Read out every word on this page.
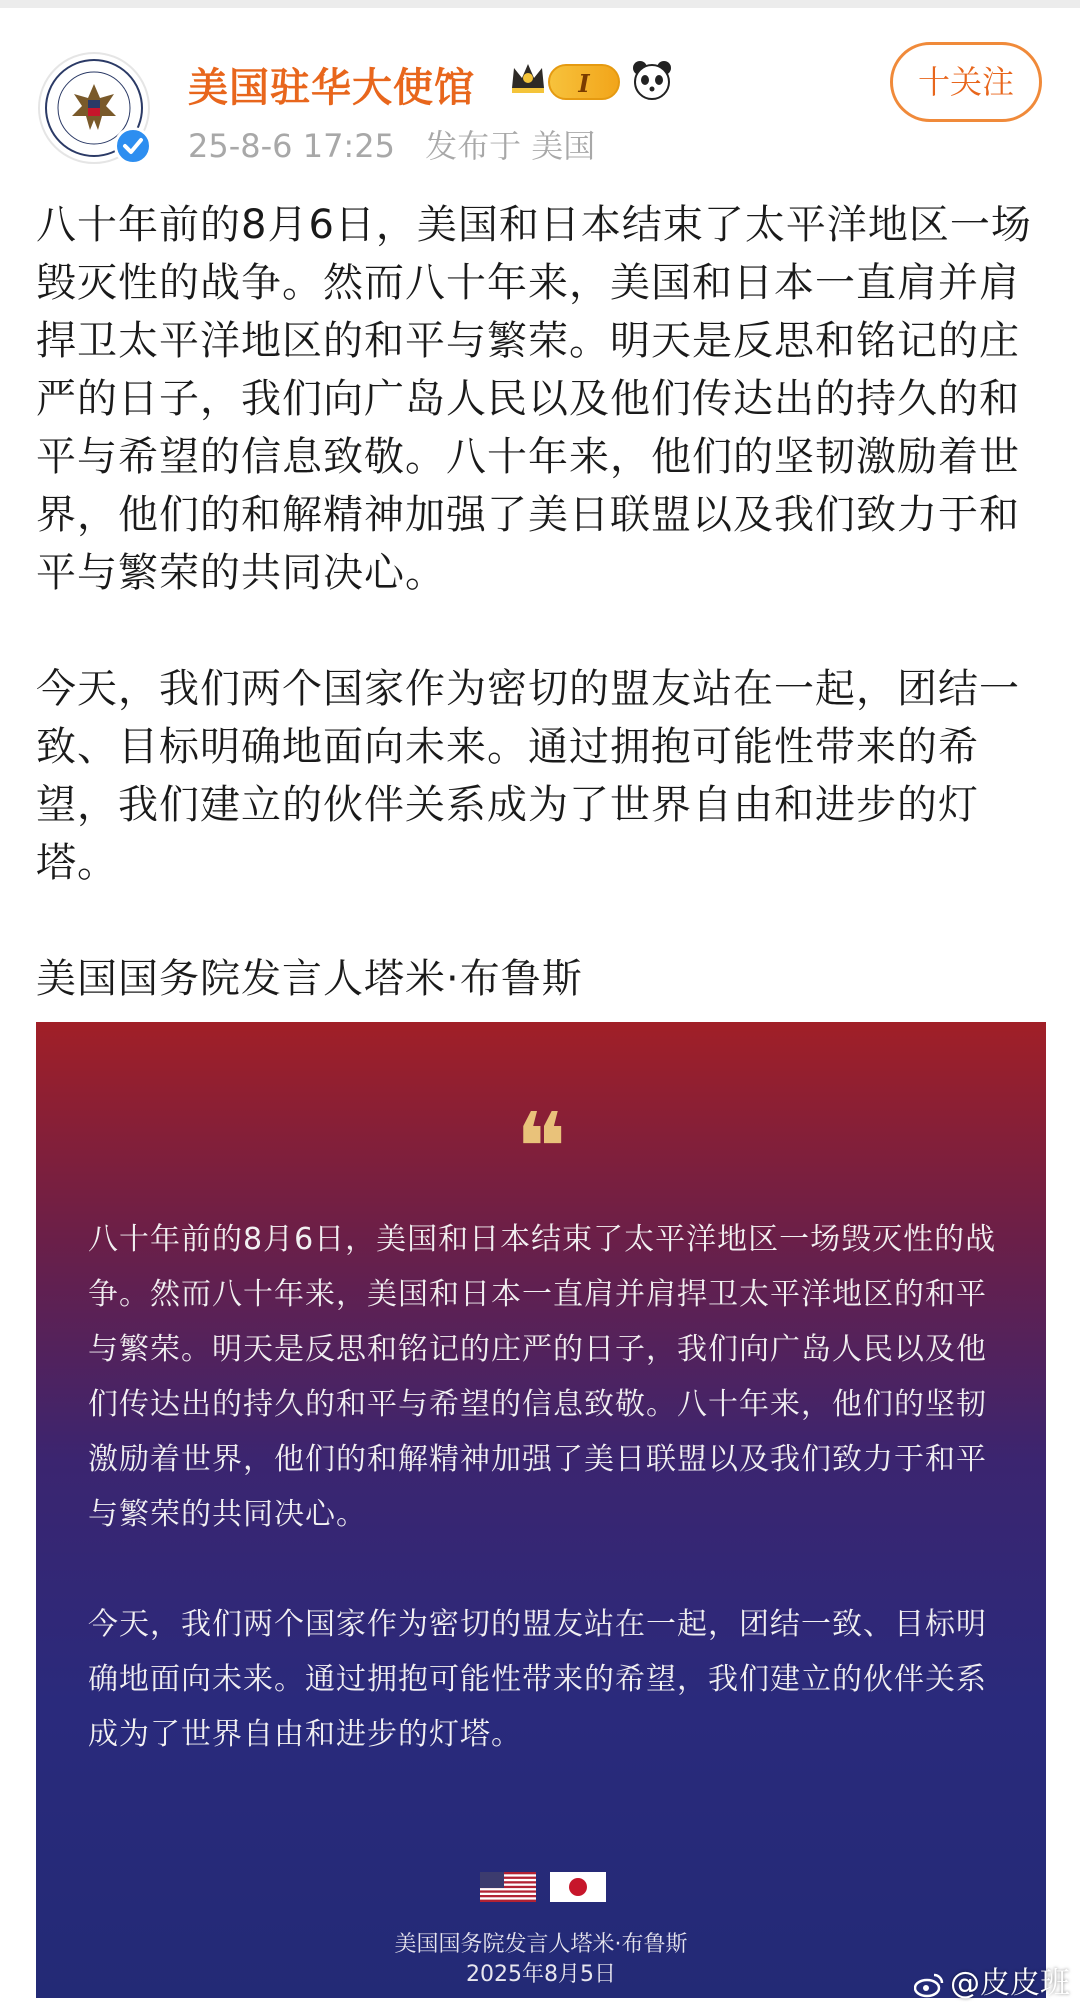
美国驻华大使馆	I
25-8-6 17:25 发布于 美国
十关注

八十年前的8月6日，美国和日本结束了太平洋地区一场毁灭性的战争。然而八十年来，美国和日本一直肩并肩捍卫太平洋地区的和平与繁荣。明天是反思和铭记的庄严的日子，我们向广岛人民以及他们传达出的持久的和平与希望的信息致敬。八十年来，他们的坚韧激励着世界，他们的和解精神加强了美日联盟以及我们致力于和平与繁荣的共同决心。

今天，我们两个国家作为密切的盟友站在一起，团结一致、目标明确地面向未来。通过拥抱可能性带来的希望，我们建立的伙伴关系成为了世界自由和进步的灯塔。

美国国务院发言人塔米·布鲁斯

❝

八十年前的8月6日，美国和日本结束了太平洋地区一场毁灭性的战争。然而八十年来，美国和日本一直肩并肩捍卫太平洋地区的和平与繁荣。明天是反思和铭记的庄严的日子，我们向广岛人民以及他们传达出的持久的和平与希望的信息致敬。八十年来，他们的坚韧激励着世界，他们的和解精神加强了美日联盟以及我们致力于和平与繁荣的共同决心。

今天，我们两个国家作为密切的盟友站在一起，团结一致、目标明确地面向未来。通过拥抱可能性带来的希望，我们建立的伙伴关系成为了世界自由和进步的灯塔。

美国国务院发言人塔米·布鲁斯
2025年8月5日	@皮皮班
